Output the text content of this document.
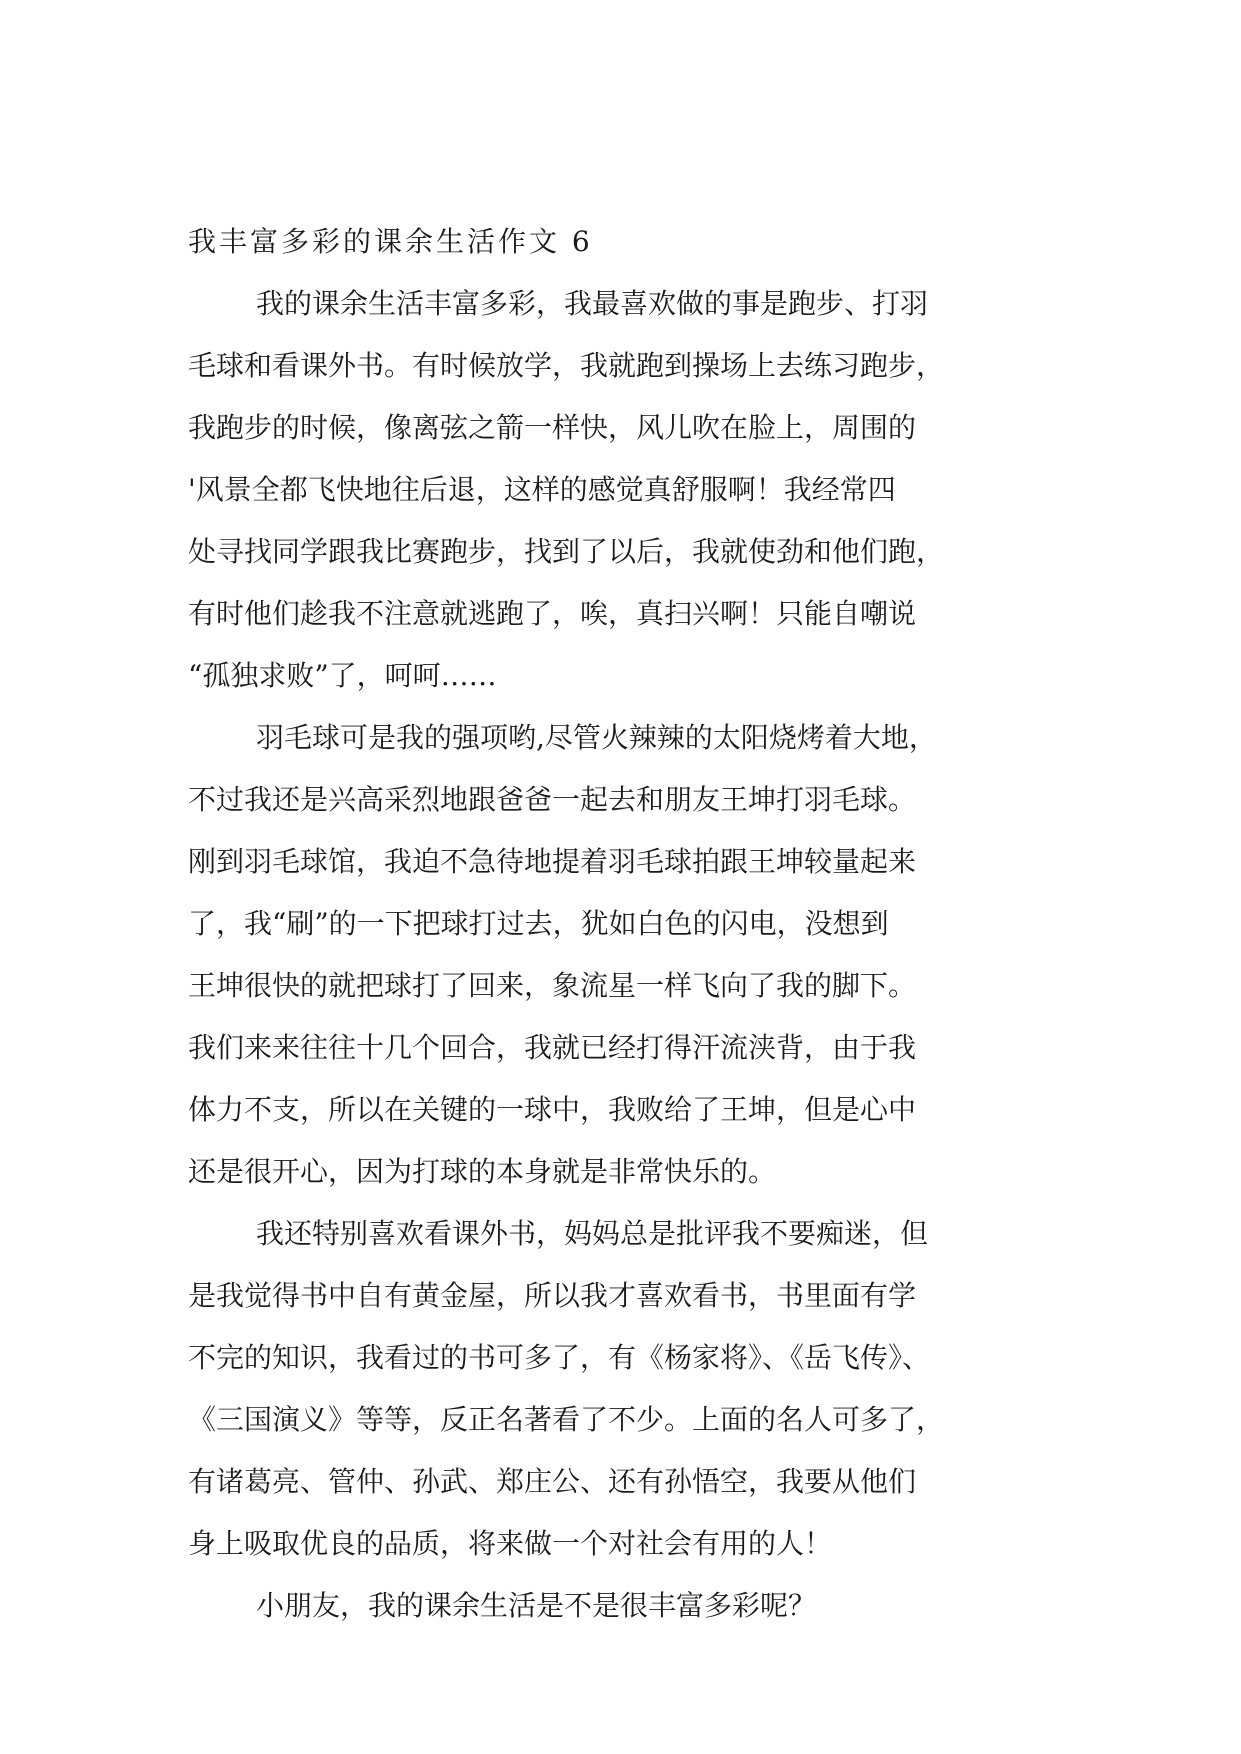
我丰富多彩的课余生活作文 6

我的课余生活丰富多彩，我最喜欢做的事是跑步、打羽

毛球和看课外书。有时候放学，我就跑到操场上去练习跑步，

我跑步的时候，像离弦之箭一样快，风儿吹在脸上，周围的

'风景全都飞快地往后退，这样的感觉真舒服啊！我经常四

处寻找同学跟我比赛跑步，找到了以后，我就使劲和他们跑，

有时他们趁我不注意就逃跑了，唉，真扫兴啊！只能自嘲说

“孤独求败”了，呵呵……

羽毛球可是我的强项哟,尽管火辣辣的太阳烧烤着大地，

不过我还是兴高采烈地跟爸爸一起去和朋友王坤打羽毛球。

刚到羽毛球馆，我迫不急待地提着羽毛球拍跟王坤较量起来

了，我“刷”的一下把球打过去，犹如白色的闪电，没想到

王坤很快的就把球打了回来，象流星一样飞向了我的脚下。

我们来来往往十几个回合，我就已经打得汗流浃背，由于我

体力不支，所以在关键的一球中，我败给了王坤，但是心中

还是很开心，因为打球的本身就是非常快乐的。

我还特别喜欢看课外书，妈妈总是批评我不要痴迷，但

是我觉得书中自有黄金屋，所以我才喜欢看书，书里面有学

不完的知识，我看过的书可多了，有《杨家将》、《岳飞传》、

《三国演义》等等，反正名著看了不少。上面的名人可多了，

有诸葛亮、管仲、孙武、郑庄公、还有孙悟空，我要从他们

身上吸取优良的品质，将来做一个对社会有用的人！

小朋友，我的课余生活是不是很丰富多彩呢？
